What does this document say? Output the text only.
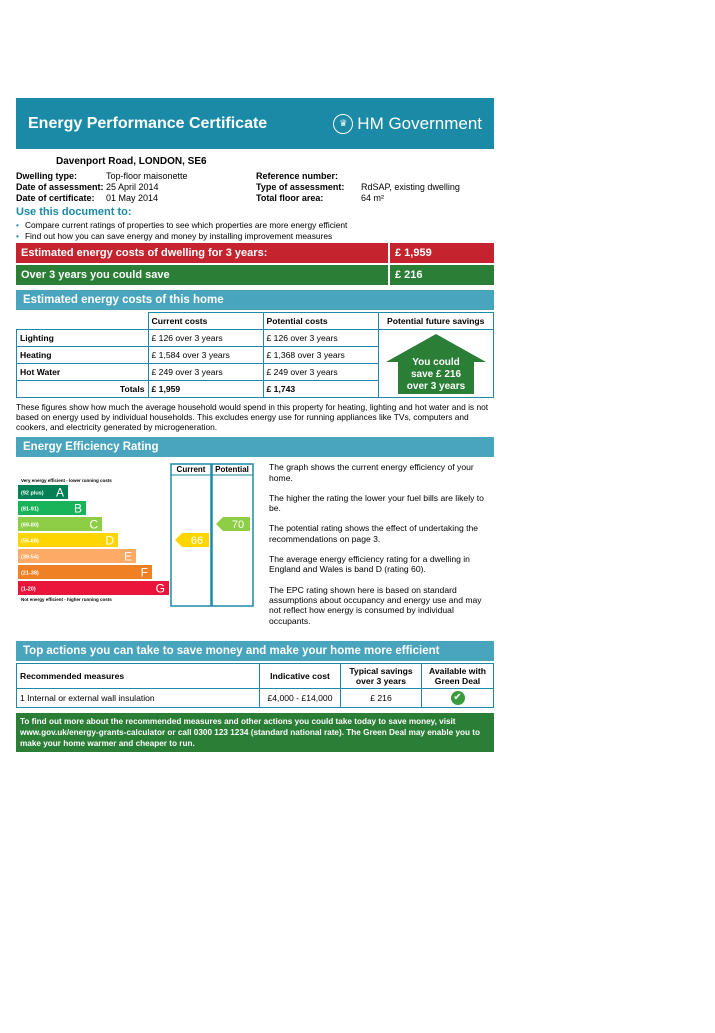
Energy Performance Certificate	♛ HM Government
Davenport Road, LONDON, SE6
Dwelling type:	Top-floor maisonette	Reference number:
Date of assessment: 25 April 2014	Type of assessment:	RdSAP, existing dwelling
Date of certificate:	01 May 2014	Total floor area:	64 m²
Use this document to:
• Compare current ratings of properties to see which properties are more energy efficient
• Find out how you can save energy and money by installing improvement measures
Estimated energy costs of dwelling for 3 years:	£ 1,959
Over 3 years you could save	£ 216
Estimated energy costs of this home
	Current costs	Potential costs	Potential future savings
Lighting	£ 126 over 3 years	£ 126 over 3 years	You could
save £ 216
over 3 years

Heating	£ 1,584 over 3 years	£ 1,368 over 3 years	
Hot Water	£ 249 over 3 years	£ 249 over 3 years	
Totals	£ 1,959	£ 1,743	
These figures show how much the average household would spend in this property for heating, lighting and hot water and is not based on energy used by individual households. This excludes energy use for running appliances like TVs, computers and cookers, and electricity generated by microgeneration.
Energy Efficiency Rating
Current Potential
Very energy efficient - lower running costs
(92 plus) A
(81-91)	B
(69-80)	C
(55-68)	D
(39-54)	E
(21-38)	F
(1-20)	G
Not energy efficient - higher running costs
66
70

The graph shows the current energy efficiency of your home.

The higher the rating the lower your fuel bills are likely to be.

The potential rating shows the effect of undertaking the recommendations on page 3.

The average energy efficiency rating for a dwelling in England and Wales is band D (rating 60).

The EPC rating shown here is based on standard assumptions about occupancy and energy use and may not reflect how energy is consumed by individual occupants.

Top actions you can take to save money and make your home more efficient
Recommended measures	Indicative cost	Typical savings over 3 years	Available with Green Deal
1 Internal or external wall insulation	£4,000 - £14,000	£ 216	✔
To find out more about the recommended measures and other actions you could take today to save money, visit www.gov.uk/energy-grants-calculator or call 0300 123 1234 (standard national rate). The Green Deal may enable you to make your home warmer and cheaper to run.
